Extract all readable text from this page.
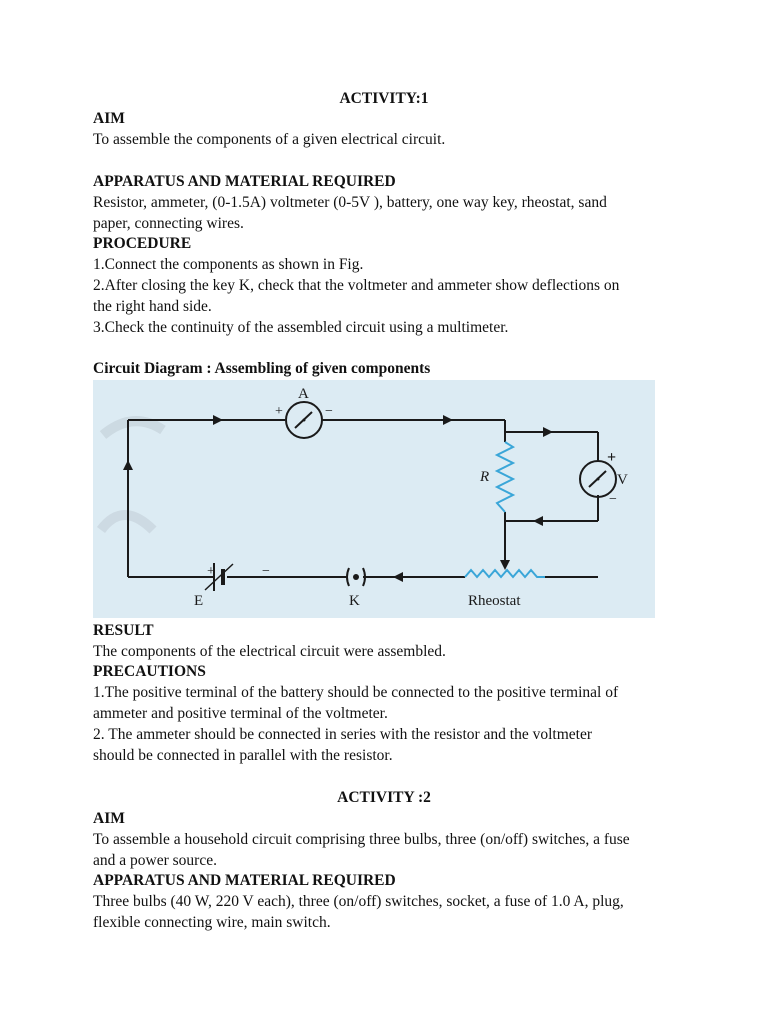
ACTIVITY:1
AIM
To assemble the components of a given electrical circuit.
APPARATUS AND MATERIAL REQUIRED
Resistor, ammeter, (0-1.5A) voltmeter (0-5V ), battery, one way key, rheostat, sand
paper, connecting wires.
PROCEDURE
1.Connect the components as shown in Fig.
2.After closing the key K, check that the voltmeter and ammeter show deflections on
the right hand side.
3.Check the continuity of the assembled circuit using a multimeter.
Circuit Diagram : Assembling of given components
A
+	−
R	V
+
−
+	−
E	K	Rheostat
RESULT
The components of the electrical circuit were assembled.
PRECAUTIONS
1.The positive terminal of the battery should be connected to the positive terminal of
ammeter and positive terminal of the voltmeter.
2. The ammeter should be connected in series with the resistor and the voltmeter
should be connected in parallel with the resistor.
ACTIVITY :2
AIM
To assemble a household circuit comprising three bulbs, three (on/off) switches, a fuse
and a power source.
APPARATUS AND MATERIAL REQUIRED
Three bulbs (40 W, 220 V each), three (on/off) switches, socket, a fuse of 1.0 A, plug,
flexible connecting wire, main switch.
